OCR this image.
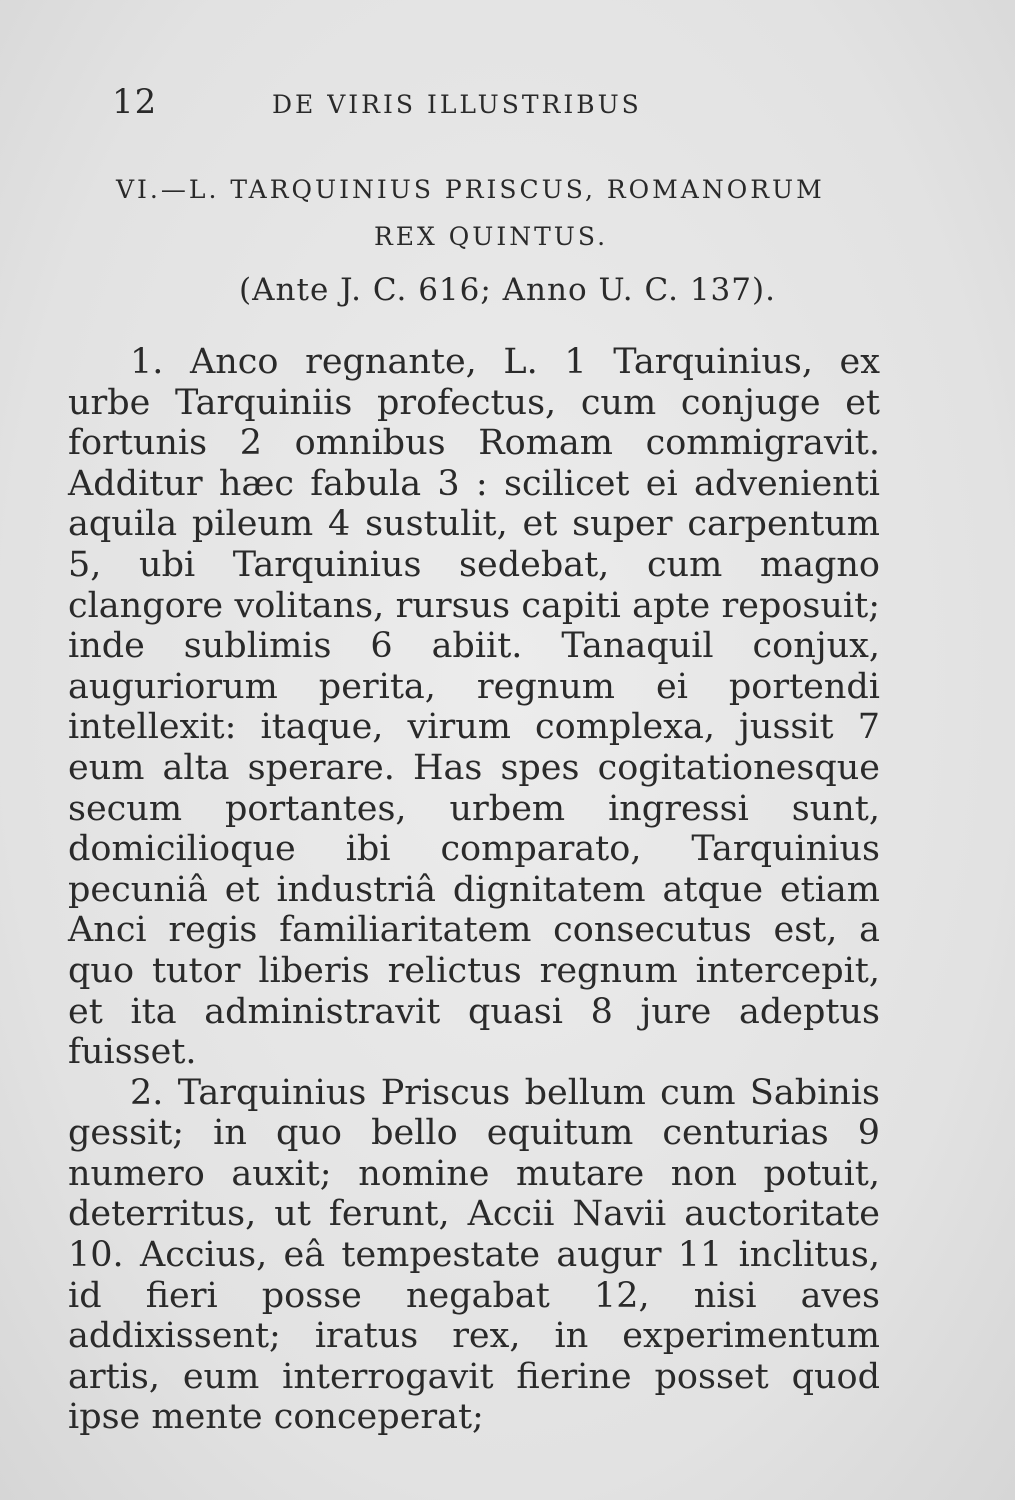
12	DE VIRIS ILLUSTRIBUS
VI.—L. TARQUINIUS PRISCUS, ROMANORUM
REX QUINTUS.
(Ante J. C. 616; Anno U. C. 137).

1. Anco regnante, L. 1 Tarquinius, ex urbe Tarquiniis profectus, cum conjuge et fortunis 2 omnibus Romam commigravit. Additur hæc fabula 3 : scilicet ei advenienti aquila pileum 4 sustulit, et super carpentum 5, ubi Tarquinius sedebat, cum magno clangore volitans, rursus capiti apte reposuit; inde sublimis 6 abiit. Tanaquil conjux, auguriorum perita, regnum ei portendi intellexit: itaque, virum complexa, jussit 7 eum alta sperare. Has spes cogitationesque secum portantes, urbem ingressi sunt, domicilioque ibi comparato, Tarquinius pecuniâ et industriâ dignitatem atque etiam Anci regis familiaritatem consecutus est, a quo tutor liberis relictus regnum intercepit, et ita administravit quasi 8 jure adeptus fuisset.

2. Tarquinius Priscus bellum cum Sabinis gessit; in quo bello equitum centurias 9 numero auxit; nomine mutare non potuit, deterritus, ut ferunt, Accii Navii auctoritate 10. Accius, eâ tempestate augur 11 inclitus, id fieri posse negabat 12, nisi aves addixissent; iratus rex, in experimentum artis, eum interrogavit fierine posset quod ipse mente conceperat;
